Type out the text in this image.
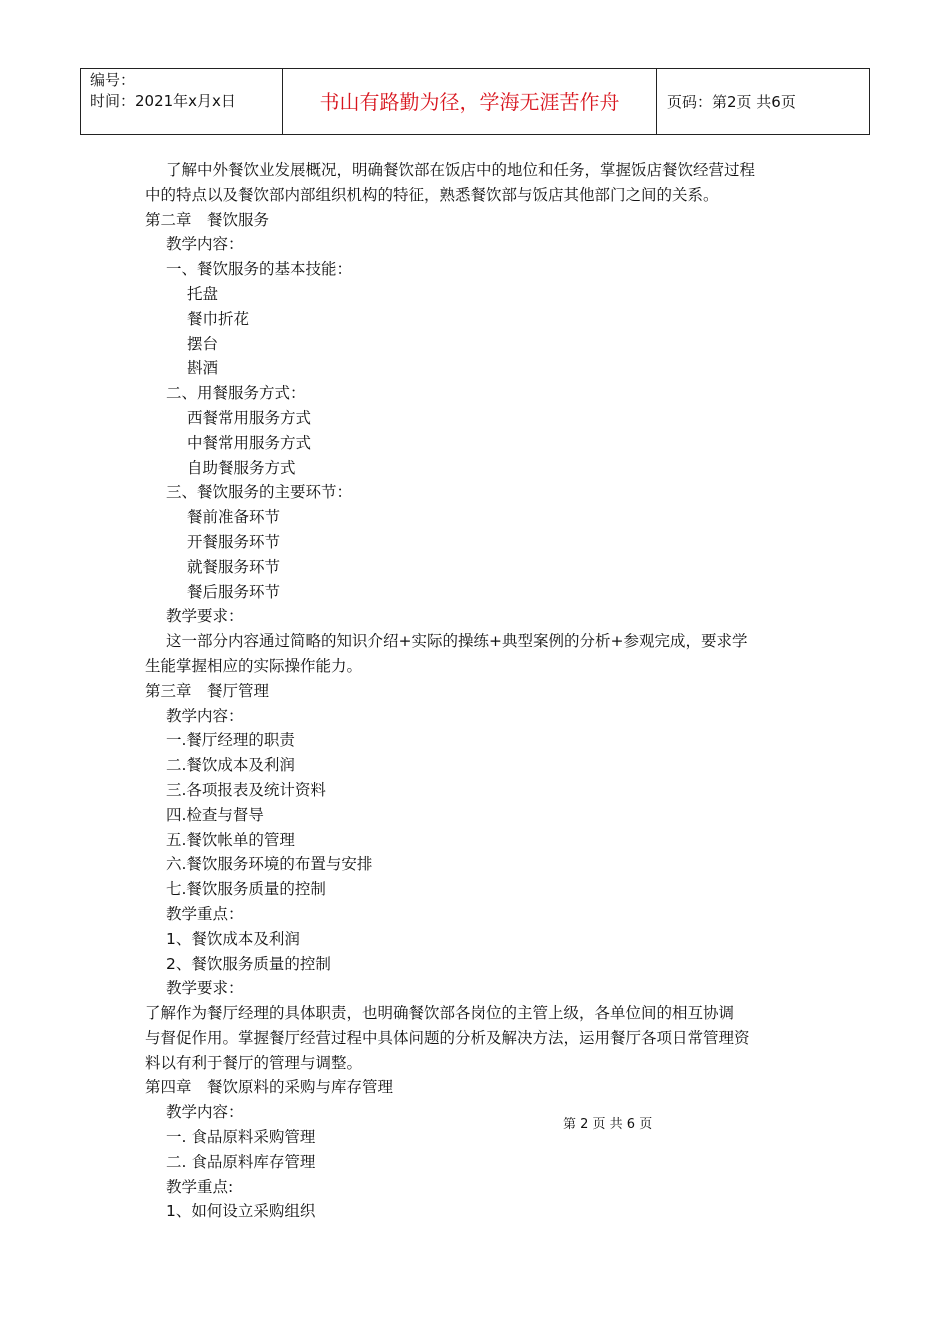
编号：
时间：2021年x月x日	书山有路勤为径，学海无涯苦作舟	页码：第2页 共6页
了解中外餐饮业发展概况，明确餐饮部在饭店中的地位和任务，掌握饭店餐饮经营过程
中的特点以及餐饮部内部组织机构的特征，熟悉餐饮部与饭店其他部门之间的关系。
第二章　餐饮服务
教学内容：
一、餐饮服务的基本技能：
托盘
餐巾折花
摆台
斟酒
二、用餐服务方式：
西餐常用服务方式
中餐常用服务方式
自助餐服务方式
三、餐饮服务的主要环节：
餐前准备环节
开餐服务环节
就餐服务环节
餐后服务环节
教学要求：
这一部分内容通过简略的知识介绍+实际的操练+典型案例的分析+参观完成，要求学
生能掌握相应的实际操作能力。
第三章　餐厅管理
教学内容：
一.餐厅经理的职责
二.餐饮成本及利润
三.各项报表及统计资料
四.检查与督导
五.餐饮帐单的管理
六.餐饮服务环境的布置与安排
七.餐饮服务质量的控制
教学重点：
1、餐饮成本及利润
2、餐饮服务质量的控制
教学要求：
了解作为餐厅经理的具体职责，也明确餐饮部各岗位的主管上级，各单位间的相互协调
与督促作用。掌握餐厅经营过程中具体问题的分析及解决方法，运用餐厅各项日常管理资
料以有利于餐厅的管理与调整。
第四章　餐饮原料的采购与库存管理
教学内容：
一. 食品原料采购管理
二. 食品原料库存管理
教学重点:
1、如何设立采购组织
第 2 页 共 6 页
